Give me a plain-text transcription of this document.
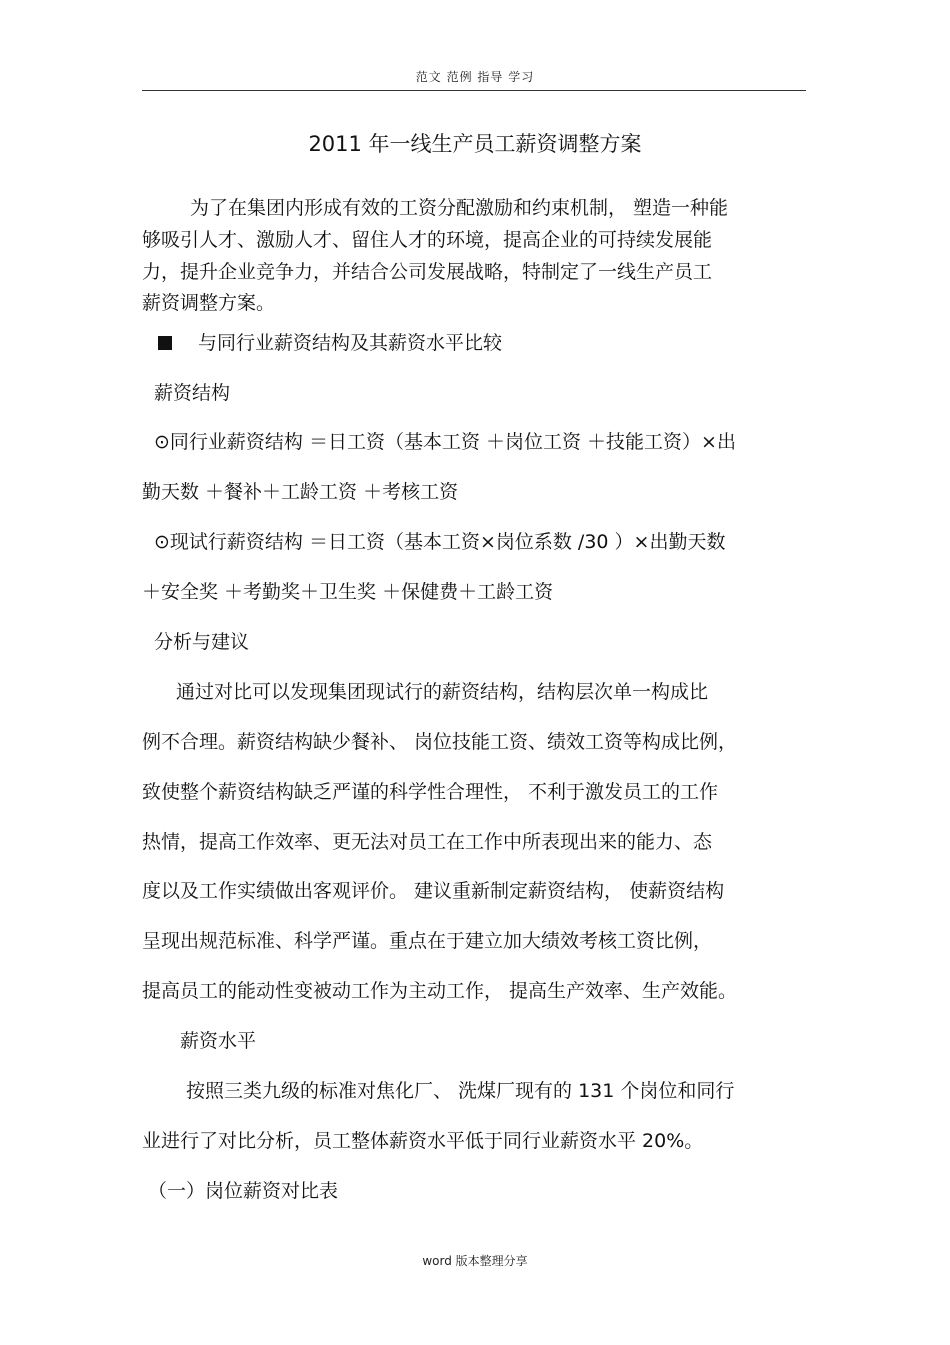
范文 范例 指导 学习
2011 年一线生产员工薪资调整方案
为了在集团内形成有效的工资分配激励和约束机制， 塑造一种能
够吸引人才、激励人才、留住人才的环境，提高企业的可持续发展能
力，提升企业竞争力，并结合公司发展战略，特制定了一线生产员工
薪资调整方案。
与同行业薪资结构及其薪资水平比较
薪资结构
⊙同行业薪资结构 ＝日工资（基本工资 ＋岗位工资 ＋技能工资）×出
勤天数 ＋餐补＋工龄工资 ＋考核工资
⊙现试行薪资结构 ＝日工资（基本工资×岗位系数 /30 ）×出勤天数
＋安全奖 ＋考勤奖＋卫生奖 ＋保健费＋工龄工资
分析与建议
通过对比可以发现集团现试行的薪资结构，结构层次单一构成比
例不合理。薪资结构缺少餐补、 岗位技能工资、绩效工资等构成比例，
致使整个薪资结构缺乏严谨的科学性合理性， 不利于激发员工的工作
热情，提高工作效率、更无法对员工在工作中所表现出来的能力、态
度以及工作实绩做出客观评价。 建议重新制定薪资结构， 使薪资结构
呈现出规范标准、科学严谨。重点在于建立加大绩效考核工资比例，
提高员工的能动性变被动工作为主动工作， 提高生产效率、生产效能。
薪资水平
按照三类九级的标准对焦化厂、 洗煤厂现有的 131 个岗位和同行
业进行了对比分析，员工整体薪资水平低于同行业薪资水平 20%。
（一）岗位薪资对比表
word 版本整理分享
